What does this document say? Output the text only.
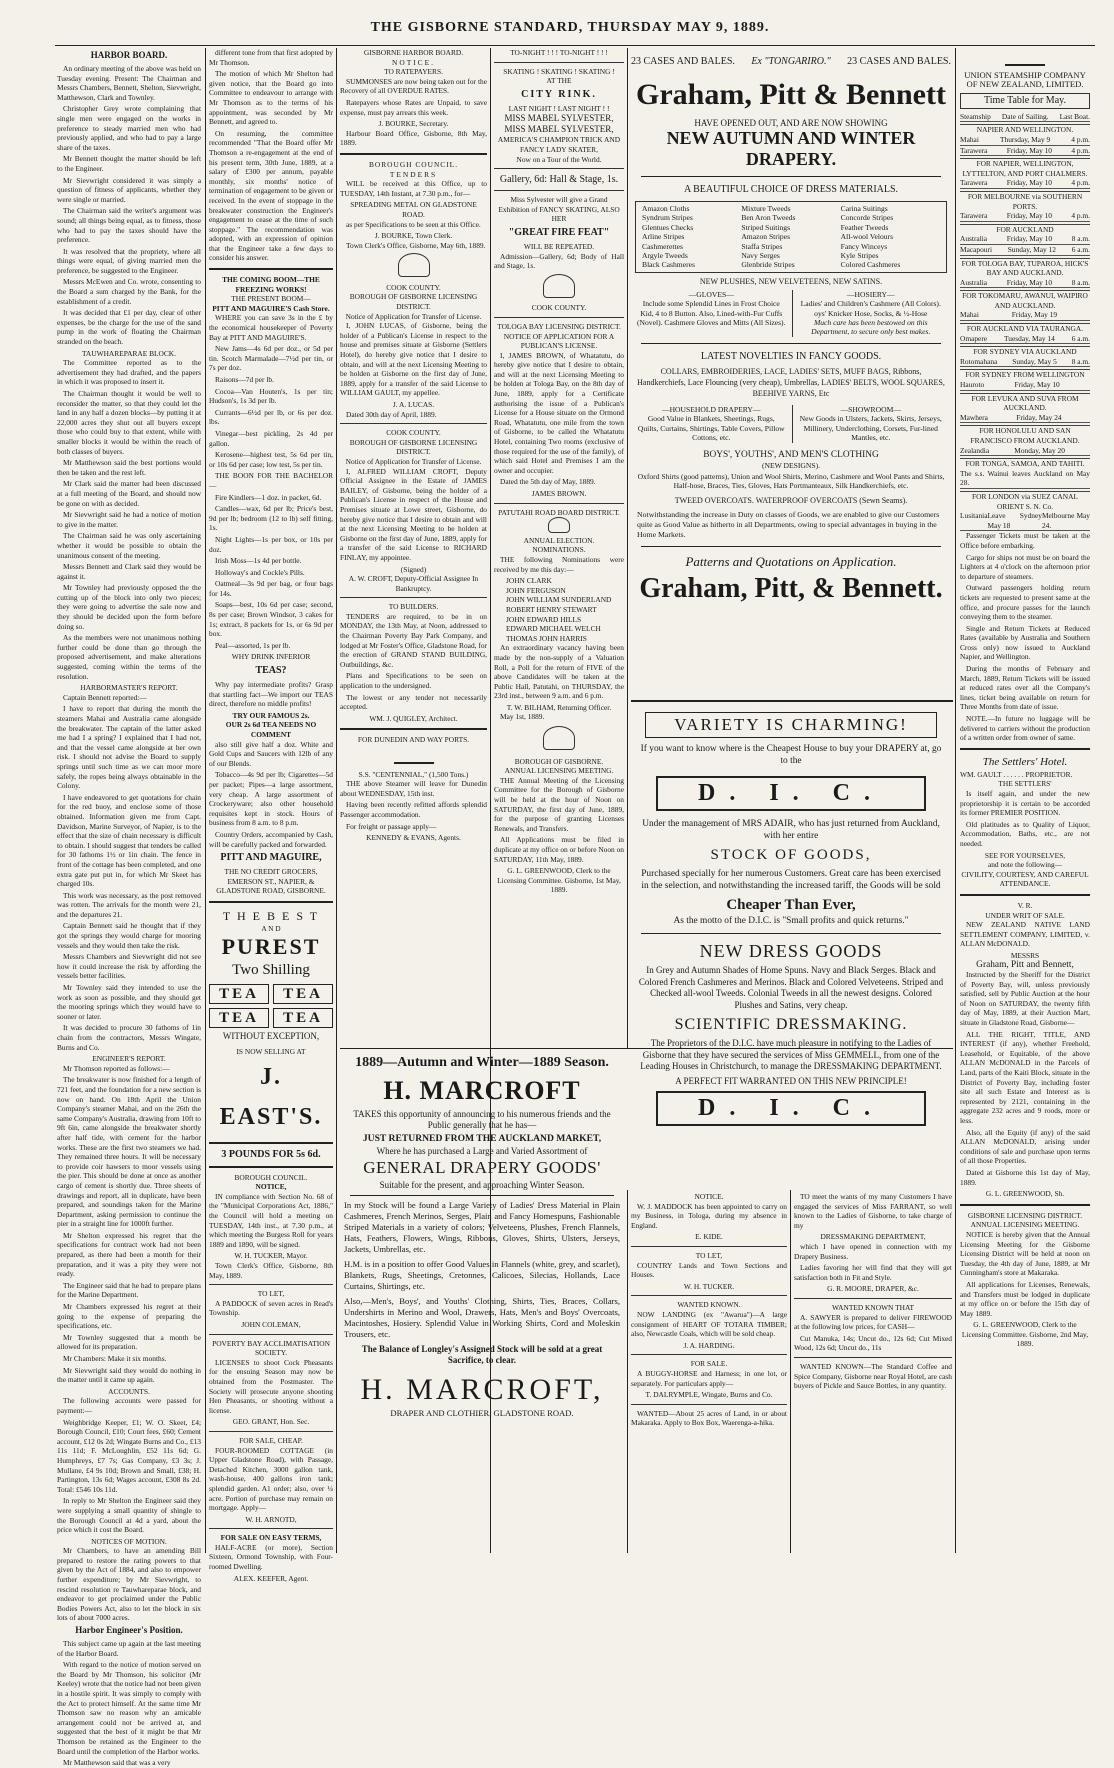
THE GISBORNE STANDARD, THURSDAY MAY 9, 1889.
HARBOR BOARD.

An ordinary meeting of the above was held on Tuesday evening. Present: The Chairman and Messrs Chambers, Bennett, Shelton, Sievwright, Matthewson, Clark and Townley.

Christopher Grey wrote complaining that single men were engaged on the works in preference to steady married men who had previously applied, and who had to pay a large share of the taxes.

Mr Bennett thought the matter should be left to the Engineer.

Mr Sievwright considered it was simply a question of fitness of applicants, whether they were single or married.

The Chairman said the writer's argument was sound; all things being equal, as to fitness, those who had to pay the taxes should have the preference.

It was resolved that the propriety, where all things were equal, of giving married men the preference, be suggested to the Engineer.

Messrs McEwen and Co. wrote, consenting to the Board a sum charged by the Bank, for the establishment of a credit.

It was decided that £1 per day, clear of other expenses, be the charge for the use of the sand pump in the work of floating the Chairman stranded on the beach.

TAUWHAREPARAE BLOCK.

The Committee reported as to the advertisement they had drafted, and the papers in which it was proposed to insert it.

The Chairman thought it would be well to reconsider the matter, so that they could let the land in any half a dozen blocks—by putting it at 22,000 acres they shut out all buyers except those who could buy to that extent, while with smaller blocks it would be within the reach of both classes of buyers.

Mr Matthewson said the best portions would then be taken and the rest left.

Mr Clark said the matter had been discussed at a full meeting of the Board, and should now be gone on with as decided.

Mr Sievwright said he had a notice of motion to give in the matter.

The Chairman said he was only ascertaining whether it would be possible to obtain the unanimous consent of the meeting.

Messrs Bennett and Clark said they would be against it.

Mr Townley had previously opposed the the cutting up of the block into only two pieces; they were going to advertise the sale now and they should be decided upon the form before doing so.

As the members were not unanimous nothing further could be done than go through the proposed advertisement, and make alterations suggested, coming within the terms of the resolution.

HARBORMASTER'S REPORT.

Captain Bennett reported:—

I have to report that during the month the steamers Mahai and Australia came alongside the breakwater. The captain of the latter asked me had I a spring? I explained that I had not, and that the vessel came alongside at her own risk. I should not advise the Board to supply springs until such time as we can moor more safely, the ropes being always obtainable in the Colony.

I have endeavored to get quotations for chain for the red buoy, and enclose some of those obtained. Information given me from Capt. Davidson, Marine Surveyor, of Napier, is to the effect that the size of chain necessary is difficult to obtain. I should suggest that tenders be called for 30 fathoms 1½ or 1in chain. The fence in front of the cottage has been completed, and one extra gate put put in, for which Mr Skeet has charged 10s.

This work was necessary, as the post removed was rotten. The arrivals for the month were 21, and the departures 21.

Captain Bennett said he thought that if they got the springs they would charge for mooring vessels and they would then take the risk.

Messrs Chambers and Sievwright did not see how it could increase the risk by affording the vessels better facilities.

Mr Townley said they intended to use the work as soon as possible, and they should get the mooring springs which they would have to sooner or later.

It was decided to procure 30 fathoms of 1in chain from the contractors, Messrs Wingate, Burns and Co.

ENGINEER'S REPORT.

Mr Thomson reported as follows:—

The breakwater is now finished for a length of 721 feet, and the foundation for a new section is now on hand. On 18th April the Union Company's steamer Mahai, and on the 26th the same Company's Australia, drawing from 10ft to 9ft 6in, came alongside the breakwater shortly after half tide, with cement for the harbor works. These are the first two steamers we had. They remained three hours. It will be necessary to provide coir hawsers to moor vessels using the pier. This should be done at once as another cargo of cement is shortly due. Three sheets of drawings and report, all in duplicate, have been prepared, and soundings taken for the Marine Department, asking permission to continue the pier in a straight line for 1000ft further.

Mr Shelton expressed his regret that the specifications for contract work had not been prepared, as there had been a month for their preparation, and it was a pity they were not ready.

The Engineer said that he had to prepare plans for the Marine Department.

Mr Chambers expressed his regret at their going to the expense of preparing the specifications, etc.

Mr Townley suggested that a month be allowed for its preparation.

Mr Chambers: Make it six months.

Mr Sievwright said they would do nothing in the matter until it came up again.

ACCOUNTS.

The following accounts were passed for payment:—

Weighbridge Keeper, £1; W. O. Skeet, £4; Borough Council, £10; Court fees, £60; Cement account, £12 0s 2d; Wingate Burns and Co., £13 11s 11d; F. McLoughlin, £52 11s 6d; G. Humphreys, £7 7s; Gas Company, £3 3s; J. Mullane, £4 9s 10d; Brown and Small, £38; H. Partington, 13s 6d; Wages account, £308 8s 2d. Total: £546 10s 11d.

In reply to Mr Shelton the Engineer said they were supplying a small quantity of shingle to the Borough Council at 4d a yard, about the price which it cost the Board.

NOTICES OF MOTION.

Mr Chambers, to have an amending Bill prepared to restore the rating powers to that given by the Act of 1884, and also to empower further expenditure; by Mr Sievwright, to rescind resolution re Tauwhareparae block, and endeavor to get proclaimed under the Public Bodies Powers Act, also to let the block in six lots of about 7000 acres.

Harbor Engineer's Position.

This subject came up again at the last meeting of the Harbor Board.

With regard to the notice of motion served on the Board by Mr Thomson, his solicitor (Mr Keeley) wrote that the notice had not been given in a hostile spirit. It was simply to comply with the Act to protect himself. At the same time Mr Thomson saw no reason why an amicable arrangement could not be arrived at, and suggested that the best of it might be that Mr Thomson be retained as the Engineer to the Board until the completion of the Harbor works.

Mr Matthewson said that was a very

different tone from that first adopted by Mr Thomson.

The motion of which Mr Shelton had given notice, that the Board go into Committee to endeavour to arrange with Mr Thomson as to the terms of his appointment, was seconded by Mr Bennett, and agreed to.

On resuming, the committee recommended "That the Board offer Mr Thomson a re-engagement at the end of his present term, 30th June, 1889, at a salary of £300 per annum, payable monthly, six months' notice of termination of engagement to be given or received. In the event of stoppage in the breakwater construction the Engineer's engagement to cease at the time of such stoppage." The recommendation was adopted, with an expression of opinion that the Engineer take a few days to consider his answer.

THE COMING BOOM—THE FREEZING WORKS!
THE PRESENT BOOM—
PITT AND MAGUIRE'S Cash Store.

WHERE you can save 3s in the £ by the economical housekeeper of Poverty Bay at PITT AND MAGUIRE'S.

New Jams—4s 6d per doz., or 5d per tin. Scotch Marmalade—7½d per tin, or 7s per doz.

Raisons—7d per lb.

Cocoa—Van Houten's, 1s per tin; Hudson's, 1s 3d per lb.

Currants—6½d per lb, or 6s per doz. lbs.

Vinegar—best pickling, 2s 4d per gallon.

Kerosene—highest test, 5s 6d per tin, or 10s 6d per case; low test, 5s per tin.

THE BOON FOR THE BACHELOR—

Fire Kindlers—1 doz. in packet, 6d.

Candles—wax, 6d per lb; Price's best, 9d per lb; bedroom (12 to lb) self fitting, 1s.

Night Lights—1s per box, or 10s per doz.

Irish Moss—1s 4d per bottle.

Holloway's and Cockle's Pills.

Oatmeal—3s 9d per bag, or four bags for 14s.

Soaps—best, 10s 6d per case; second, 8s per case; Brown Windsor, 3 cakes for 1s; extract, 8 packets for 1s, or 6s 9d per box.

Peal—assorted, 1s per lb.

WHY DRINK INFERIOR
TEAS?

Why pay intermediate profits? Grasp that startling fact—We import our TEAS direct, therefore no middle profits!

TRY OUR FAMOUS 2s.
OUR 2s 6d TEA NEEDS NO COMMENT

also still give half a doz. White and Gold Cups and Saucers with 12lb of any of our Blends.

Tobacco—4s 9d per lb; Cigarettes—5d per packet; Pipes—a large assortment, very cheap. A large assortment of Crockeryware; also other household requisites kept in stock. Hours of business from 8 a.m. to 8 p.m.

Country Orders, accompanied by Cash, will be carefully packed and forwarded.

PITT AND MAGUIRE,
THE NO CREDIT GROCERS,
EMERSON ST., NAPIER, & GLADSTONE ROAD, GISBORNE.
T H E B E S T
A N D
PUREST
Two Shilling
TEA	TEA
TEA	TEA
WITHOUT EXCEPTION,
IS NOW SELLING AT
J. EAST'S.
3 POUNDS FOR 5s 6d.
BOROUGH COUNCIL.
NOTICE,

IN compliance with Section No. 68 of the "Municipal Corporations Act, 1886," the Council will hold a meeting on TUESDAY, 14th inst., at 7.30 p.m., at which meeting the Burgess Roll for years 1889 and 1890, will be signed.

W. H. TUCKER, Mayor.

Town Clerk's Office, Gisborne, 8th May, 1889.

TO LET,

A PADDOCK of seven acres in Read's Township.

JOHN COLEMAN,
POVERTY BAY ACCLIMATISATION SOCIETY.

LICENSES to shoot Cock Pheasants for the ensuing Season may now be obtained from the Postmaster. The Society will prosecute anyone shooting Hen Pheasants, or shooting without a license.

GEO. GRANT, Hon. Sec.
FOR SALE, CHEAP.

FOUR-ROOMED COTTAGE (in Upper Gladstone Road), with Passage, Detached Kitchen, 3000 gallon tank, wash-house, 400 gallons iron tank; splendid garden. A1 order; also, over ¼ acre. Portion of purchase may remain on mortgage. Apply—

W. H. ARNOTD,
FOR SALE ON EASY TERMS,

HALF-ACRE (or more), Section Sixteen, Ormond Township, with Four-roomed Dwelling.

ALEX. KEEFER, Agent.
GISBORNE HARBOR BOARD.
NOTICE.
TO RATEPAYERS.

SUMMONSES are now being taken out for the Recovery of all OVERDUE RATES.

Ratepayers whose Rates are Unpaid, to save expense, must pay arrears this week.

J. BOURKE, Secretary.

Harbour Board Office, Gisborne, 8th May, 1889.

BOROUGH COUNCIL.
TENDERS

WILL be received at this Office, up to TUESDAY, 14th Instant, at 7.30 p.m., for—

SPREADING METAL ON GLADSTONE ROAD.

as per Specifications to be seen at this Office.

J. BOURKE, Town Clerk.

Town Clerk's Office, Gisborne, May 6th, 1889.

COOK COUNTY.
BOROUGH OF GISBORNE LICENSING DISTRICT.
Notice of Application for Transfer of License.

I, JOHN LUCAS, of Gisborne, being the holder of a Publican's License in respect to the house and premises situate at Gisborne (Settlers Hotel), do hereby give notice that I desire to obtain, and will at the next Licensing Meeting to be holden at Gisborne on the first day of June, 1889, apply for a transfer of the said License to WILLIAM GAULT, my appellee.

J. A. LUCAS.

Dated 30th day of April, 1889.

COOK COUNTY.
BOROUGH OF GISBORNE LICENSING DISTRICT.
Notice of Application for Transfer of License.

I, ALFRED WILLIAM CROFT, Deputy Official Assignee in the Estate of JAMES BAILEY, of Gisborne, being the holder of a Publican's License in respect of the House and Premises situate at Lowe street, Gisborne, do hereby give notice that I desire to obtain and will at the next Licensing Meeting to be holden at Gisborne on the first day of June, 1889, apply for a transfer of the said License to RICHARD FINLAY, my appointee.

(Signed)
A. W. CROFT, Deputy-Official Assignee In Bankruptcy.
TO BUILDERS.

TENDERS are required, to be in on MONDAY, the 13th May, at Noon, addressed to the Chairman Poverty Bay Park Company, and lodged at Mr Foster's Office, Gladstone Road, for the erection of GRAND STAND BUILDING, Outbuildings, &c.

Plans and Specifications to be seen on application to the undersigned.

The lowest or any tender not necessarily accepted.

WM. J. QUIGLEY, Architect.
FOR DUNEDIN AND WAY PORTS.
S.S. "CENTENNIAL," (1,500 Tons.)

THE above Steamer will leave for Dunedin about WEDNESDAY, 15th inst.

Having been recently refitted affords splendid Passenger accommodation.

For freight or passage apply—

KENNEDY & EVANS, Agents.
TO-NIGHT ! ! ! TO-NIGHT ! ! !
SKATING ! SKATING ! SKATING !
AT THE
CITY RINK.
LAST NIGHT ! LAST NIGHT ! !
MISS MABEL SYLVESTER, MISS MABEL SYLVESTER,
AMERICA'S CHAMPION TRICK AND FANCY LADY SKATER,
Now on a Tour of the World.
Gallery, 6d: Hall & Stage, 1s.
Miss Sylvester will give a Grand Exhibition of FANCY SKATING, ALSO HER
"GREAT FIRE FEAT"
WILL BE REPEATED.

Admission—Gallery, 6d; Body of Hall and Stage, 1s.

COOK COUNTY.
TOLOGA BAY LICENSING DISTRICT.
NOTICE OF APPLICATION FOR A PUBLICAN'S LICENSE.

I, JAMES BROWN, of Whatatutu, do hereby give notice that I desire to obtain, and will at the next Licensing Meeting to be holden at Tologa Bay, on the 8th day of June, 1889, apply for a Certificate authorising the issue of a Publican's License for a House situate on the Ormond Road, Whatatutu, one mile from the town of Gisborne, to be called the Whatatutu Hotel, containing Two rooms (exclusive of those required for the use of the family), of which said Hotel and Premises I am the owner and occupier.

Dated the 5th day of May, 1889.

JAMES BROWN.
PATUTAHI ROAD BOARD DISTRICT.
ANNUAL ELECTION.
NOMINATIONS.

THE following Nominations were received by me this day:—

JOHN CLARK
JOHN FERGUSON
JOHN WILLIAM SUNDERLAND
ROBERT HENRY STEWART
JOHN EDWARD HILLS
EDWARD MICHAEL WELCH
THOMAS JOHN HARRIS

An extraordinary vacancy having been made by the non-supply of a Valuation Roll, a Poll for the return of FIVE of the above Candidates will be taken at the Public Hall, Patutahi, on THURSDAY, the 23rd inst., between 9 a.m. and 6 p.m.

T. W. BILHAM, Returning Officer.

May 1st, 1889.

BOROUGH OF GISBORNE.
ANNUAL LICENSING MEETING.

THE Annual Meeting of the Licensing Committee for the Borough of Gisborne will be held at the hour of Noon on SATURDAY, the first day of June, 1889, for the purpose of granting Licenses Renewals, and Transfers.

All Applications must be filed in duplicate at my office on or before Noon on SATURDAY, 11th May, 1889.

G. L. GREENWOOD, Clerk to the Licensing Committee. Gisborne, 1st May, 1889.
23 CASES AND BALES. Ex "TONGARIRO." 23 CASES AND BALES.
Graham, Pitt & Bennett
HAVE OPENED OUT, AND ARE NOW SHOWING
NEW AUTUMN AND WINTER
DRAPERY.
A BEAUTIFUL CHOICE OF DRESS MATERIALS.
Amazon Cloths	Mixture Tweeds	Carina Suitings
Syndrum Stripes	Ben Aron Tweeds	Concorde Stripes
Glentues Checks	Striped Suitings	Feather Tweeds
Arline Stripes	Amazon Stripes	All-wool Velours
Cashmerettes	Staffa Stripes	Fancy Winceys
Argyle Tweeds	Navy Serges	Kyle Stripes
Black Cashmeres	Glenbride Stripes	Colored Cashmeres
NEW PLUSHES, NEW VELVETEENS, NEW SATINS.
—GLOVES—
Include some Splendid Lines in Frost Choice Kid, 4 to 8 Button. Also, Lined-with-Fur Cuffs (Novel). Cashmere Gloves and Mitts (All Sizes).
—HOSIERY—
Ladies' and Children's Cashmere (All Colors). oys' Knicker Hose, Socks, & ½-Hose
Much care has been bestowed on this Department, to secure only best makes.
LATEST NOVELTIES IN FANCY GOODS.
COLLARS, EMBROIDERIES, LACE, LADIES' SETS, MUFF BAGS, Ribbons, Handkerchiefs, Lace Flouncing (very cheap), Umbrellas, LADIES' BELTS, WOOL SQUARES, BEEHIVE YARNS, Etc
—HOUSEHOLD DRAPERY—
Good Value in Blankets, Sheetings, Rugs, Quilts, Curtains, Shirtings, Table Covers, Pillow Cottons, etc.
—SHOWROOM—
New Goods in Ulsters, Jackets, Skirts, Jerseys, Millinery, Underclothing, Corsets, Fur-lined Mantles, etc.
BOYS', YOUTHS', AND MEN'S CLOTHING
(NEW DESIGNS).
Oxford Shirts (good patterns), Union and Wool Shirts, Merino, Cashmere and Wool Pants and Shirts, Half-hose, Braces, Ties, Gloves, Hats Portmanteaux, Silk Handkerchiefs, etc.
TWEED OVERCOATS. WATERPROOF OVERCOATS (Sewn Seams).
Notwithstanding the increase in Duty on classes of Goods, we are enabled to give our Customers quite as Good Value as hitherto in all Departments, owing to special advantages in buying in the Home Markets.
Patterns and Quotations on Application.
Graham, Pitt, & Bennett.
VARIETY IS CHARMING!
If you want to know where is the Cheapest House to buy your DRAPERY at, go to the
D. I. C.
Under the management of MRS ADAIR, who has just returned from Auckland, with her entire
STOCK OF GOODS,
Purchased specially for her numerous Customers. Great care has been exercised in the selection, and notwithstanding the increased tariff, the Goods will be sold
Cheaper Than Ever,
As the motto of the D.I.C. is "Small profits and quick returns."
NEW DRESS GOODS
In Grey and Autumn Shades of Home Spuns. Navy and Black Serges. Black and Colored French Cashmeres and Merinos. Black and Colored Velveteens. Striped and Checked all-wool Tweeds. Colonial Tweeds in all the newest designs. Colored Plushes and Satins, very cheap.
SCIENTIFIC DRESSMAKING.
The Proprietors of the D.I.C. have much pleasure in notifying to the Ladies of Gisborne that they have secured the services of Miss GEMMELL, from one of the Leading Houses in Christchurch, to manage the DRESSMAKING DEPARTMENT.
A PERFECT FIT WARRANTED ON THIS NEW PRINCIPLE!
D. I. C.
1889—Autumn and Winter—1889 Season.
H. MARCROFT
TAKES this opportunity of announcing to his numerous friends and the Public generally that he has—
JUST RETURNED FROM THE AUCKLAND MARKET,
Where he has purchased a Large and Varied Assortment of
GENERAL DRAPERY GOODS'
Suitable for the present, and approaching Winter Season.
In my Stock will be found a Large Variety of Ladies' Dress Material in Plain Cashmeres, French Merinos, Serges, Plain and Fancy Homespuns, Fashionable Striped Materials in a variety of colors; Velveteens, Plushes, French Flannels, Hats, Feathers, Flowers, Wings, Ribbons, Gloves, Shirts, Ulsters, Jerseys, Jackets, Umbrellas, etc.
H.M. is in a position to offer Good Values in Flannels (white, grey, and scarlet), Blankets, Rugs, Sheetings, Cretonnes, Calicoes, Silecias, Hollands, Lace Curtains, Shirtings, etc.
Also,—Men's, Boys', and Youths' Clothing, Shirts, Ties, Braces, Collars, Undershirts in Merino and Wool, Drawers, Hats, Men's and Boys' Overcoats, Macintoshes, Hosiery. Splendid Value in Working Shirts, Cord and Moleskin Trousers, etc.
The Balance of Longley's Assigned Stock will be sold at a great Sacrifice, to clear.
H. MARCROFT,
DRAPER AND CLOTHIER, GLADSTONE ROAD.
NOTICE.

W. J. MADDOCK has been appointed to carry on my Business, in Tologa, during my absence in England.

E. KIDE.
TO LET,

COUNTRY Lands and Town Sections and Houses.

W. H. TUCKER.
WANTED KNOWN.

NOW LANDING (ex "Awarua")—A large consignment of HEART OF TOTARA TIMBER; also, Newcastle Coals, which will be sold cheap.

J. A. HARDING.
FOR SALE.

A BUGGY-HORSE and Harness; in one lot, or separately. For particulars apply—

T. DALRYMPLE, Wingate, Burns and Co.

WANTED—About 25 acres of Land, in or about Makaraka. Apply to Box Box, Waerenga-a-hika.

TO meet the wants of my many Customers I have engaged the services of Miss FARRANT, so well known to the Ladies of Gisborne, to take charge of my

DRESSMAKING DEPARTMENT,

which I have opened in connection with my Drapery Business.

Ladies favoring her will find that they will get satisfaction both in Fit and Style.

G. R. MOORE, DRAPER, &c.
WANTED KNOWN THAT

A. SAWYER is prepared to deliver FIREWOOD at the following low prices, for CASH—

Cut Manuka, 14s; Uncut do., 12s 6d; Cut Mixed Wood, 12s 6d; Uncut do., 11s

WANTED KNOWN—The Standard Coffee and Spice Company, Gisborne near Royal Hotel, are cash buyers of Pickle and Sauce Bottles, in any quantity.

UNION STEAMSHIP COMPANY OF NEW ZEALAND, LIMITED.
Time Table for May.
Steamship Date of Sailing. Last Boat.
NAPIER AND WELLINGTON.
Mahai	Thursday, May 9	4 p.m.
Tarawera	Friday, May 10	4 p.m.
FOR NAPIER, WELLINGTON, LYTTELTON, AND PORT CHALMERS.
Tarawera	Friday, May 10	4 p.m.
FOR MELBOURNE via SOUTHERN PORTS.
Tarawera	Friday, May 10	4 p.m.
FOR AUCKLAND
Australia	Friday, May 10	8 a.m.
Macapouri Sunday, May 12 6 a.m.
FOR TOLOGA BAY, TUPAROA, HICK'S BAY AND AUCKLAND.
Australia	Friday, May 10	8 a.m.
FOR TOKOMARU, AWANUI, WAIPIRO AND AUCKLAND.
Mahai	Friday, May 19
FOR AUCKLAND VIA TAURANGA.
Omapere Tuesday, May 14 6 a.m.
FOR SYDNEY VIA AUCKLAND
Rotomahana Sunday, May 5 8 a.m.
FOR SYDNEY FROM WELLINGTON
Hauroto	Friday, May 10
FOR LEVUKA AND SUVA FROM AUCKLAND.
Mawhera	Friday, May 24
FOR HONOLULU AND SAN FRANCISCO FROM AUCKLAND.
Zealandia	Monday, May 20
FOR TONGA, SAMOA, AND TAHITI.
The s.s. Wainui leaves Auckland on May 28.
FOR LONDON via SUEZ CANAL ORIENT S. N. Co.
Lusitania Leave Sydney May 18
Melbourne May 24.

Passenger Tickets must be taken at the Office before embarking.

Cargo for ships not must be on board the Lighters at 4 o'clock on the afternoon prior to departure of steamers.

Outward passengers holding return tickets are requested to present same at the office, and procure passes for the launch conveying them to the steamer.

Single and Return Tickets at Reduced Rates (available by Australia and Southern Cross only) now issued to Auckland Napier, and Wellington.

During the months of February and March, 1889, Return Tickets will be issued at reduced rates over all the Company's lines, ticket being available on return for Three Months from date of issue.

NOTE.—In future no luggage will be delivered to carriers without the production of a written order from owner of same.

The Settlers' Hotel.
WM. GAULT . . . . . . PROPRIETOR.
THE SETTLERS'

Is itself again, and under the new proprietorship it is certain to be accorded its former PREMIER POSITION.

Old platitudes as to Quality of Liquor, Accommodation, Baths, etc., are not needed.

SEE FOR YOURSELVES,
and note the following—
CIVILITY, COURTESY, AND CAREFUL ATTENDANCE.
V. R.
UNDER WRIT OF SALE.

NEW ZEALAND NATIVE LAND SETTLEMENT COMPANY, LIMITED, v. ALLAN McDONALD.

MESSRS
Graham, Pitt and Bennett,

Instructed by the Sheriff for the District of Poverty Bay, will, unless previously satisfied, sell by Public Auction at the hour of Noon on SATURDAY, the twenty fifth day of May, 1889, at their Auction Mart, situate in Gladstone Road, Gisborne—

ALL THE RIGHT, TITLE, AND INTEREST (if any), whether Freehold, Leasehold, or Equitable, of the above ALLAN McDONALD in the Parcels of Land, parts of the Kaiti Block, situate in the District of Poverty Bay, including foster site all such Estate and Interest as is represented by 2121, containing in the aggregate 232 acres and 9 roods, more or less.

Also, all the Equity (if any) of the said ALLAN McDONALD, arising under conditions of sale and purchase upon terms of all those Properties.

Dated at Gisborne this 1st day of May, 1889.

G. L. GREENWOOD, Sh.
GISBORNE LICENSING DISTRICT.
ANNUAL LICENSING MEETING.

NOTICE is hereby given that the Annual Licensing Meeting for the Gisborne Licensing District will be held at noon on Tuesday, the 4th day of June, 1889, at Mr Cunningham's store at Makaraka.

All applications for Licenses, Renewals, and Transfers must be lodged in duplicate at my office on or before the 15th day of May 1889.

G. L. GREENWOOD, Clerk to the Licensing Committee. Gisborne, 2nd May, 1889.
